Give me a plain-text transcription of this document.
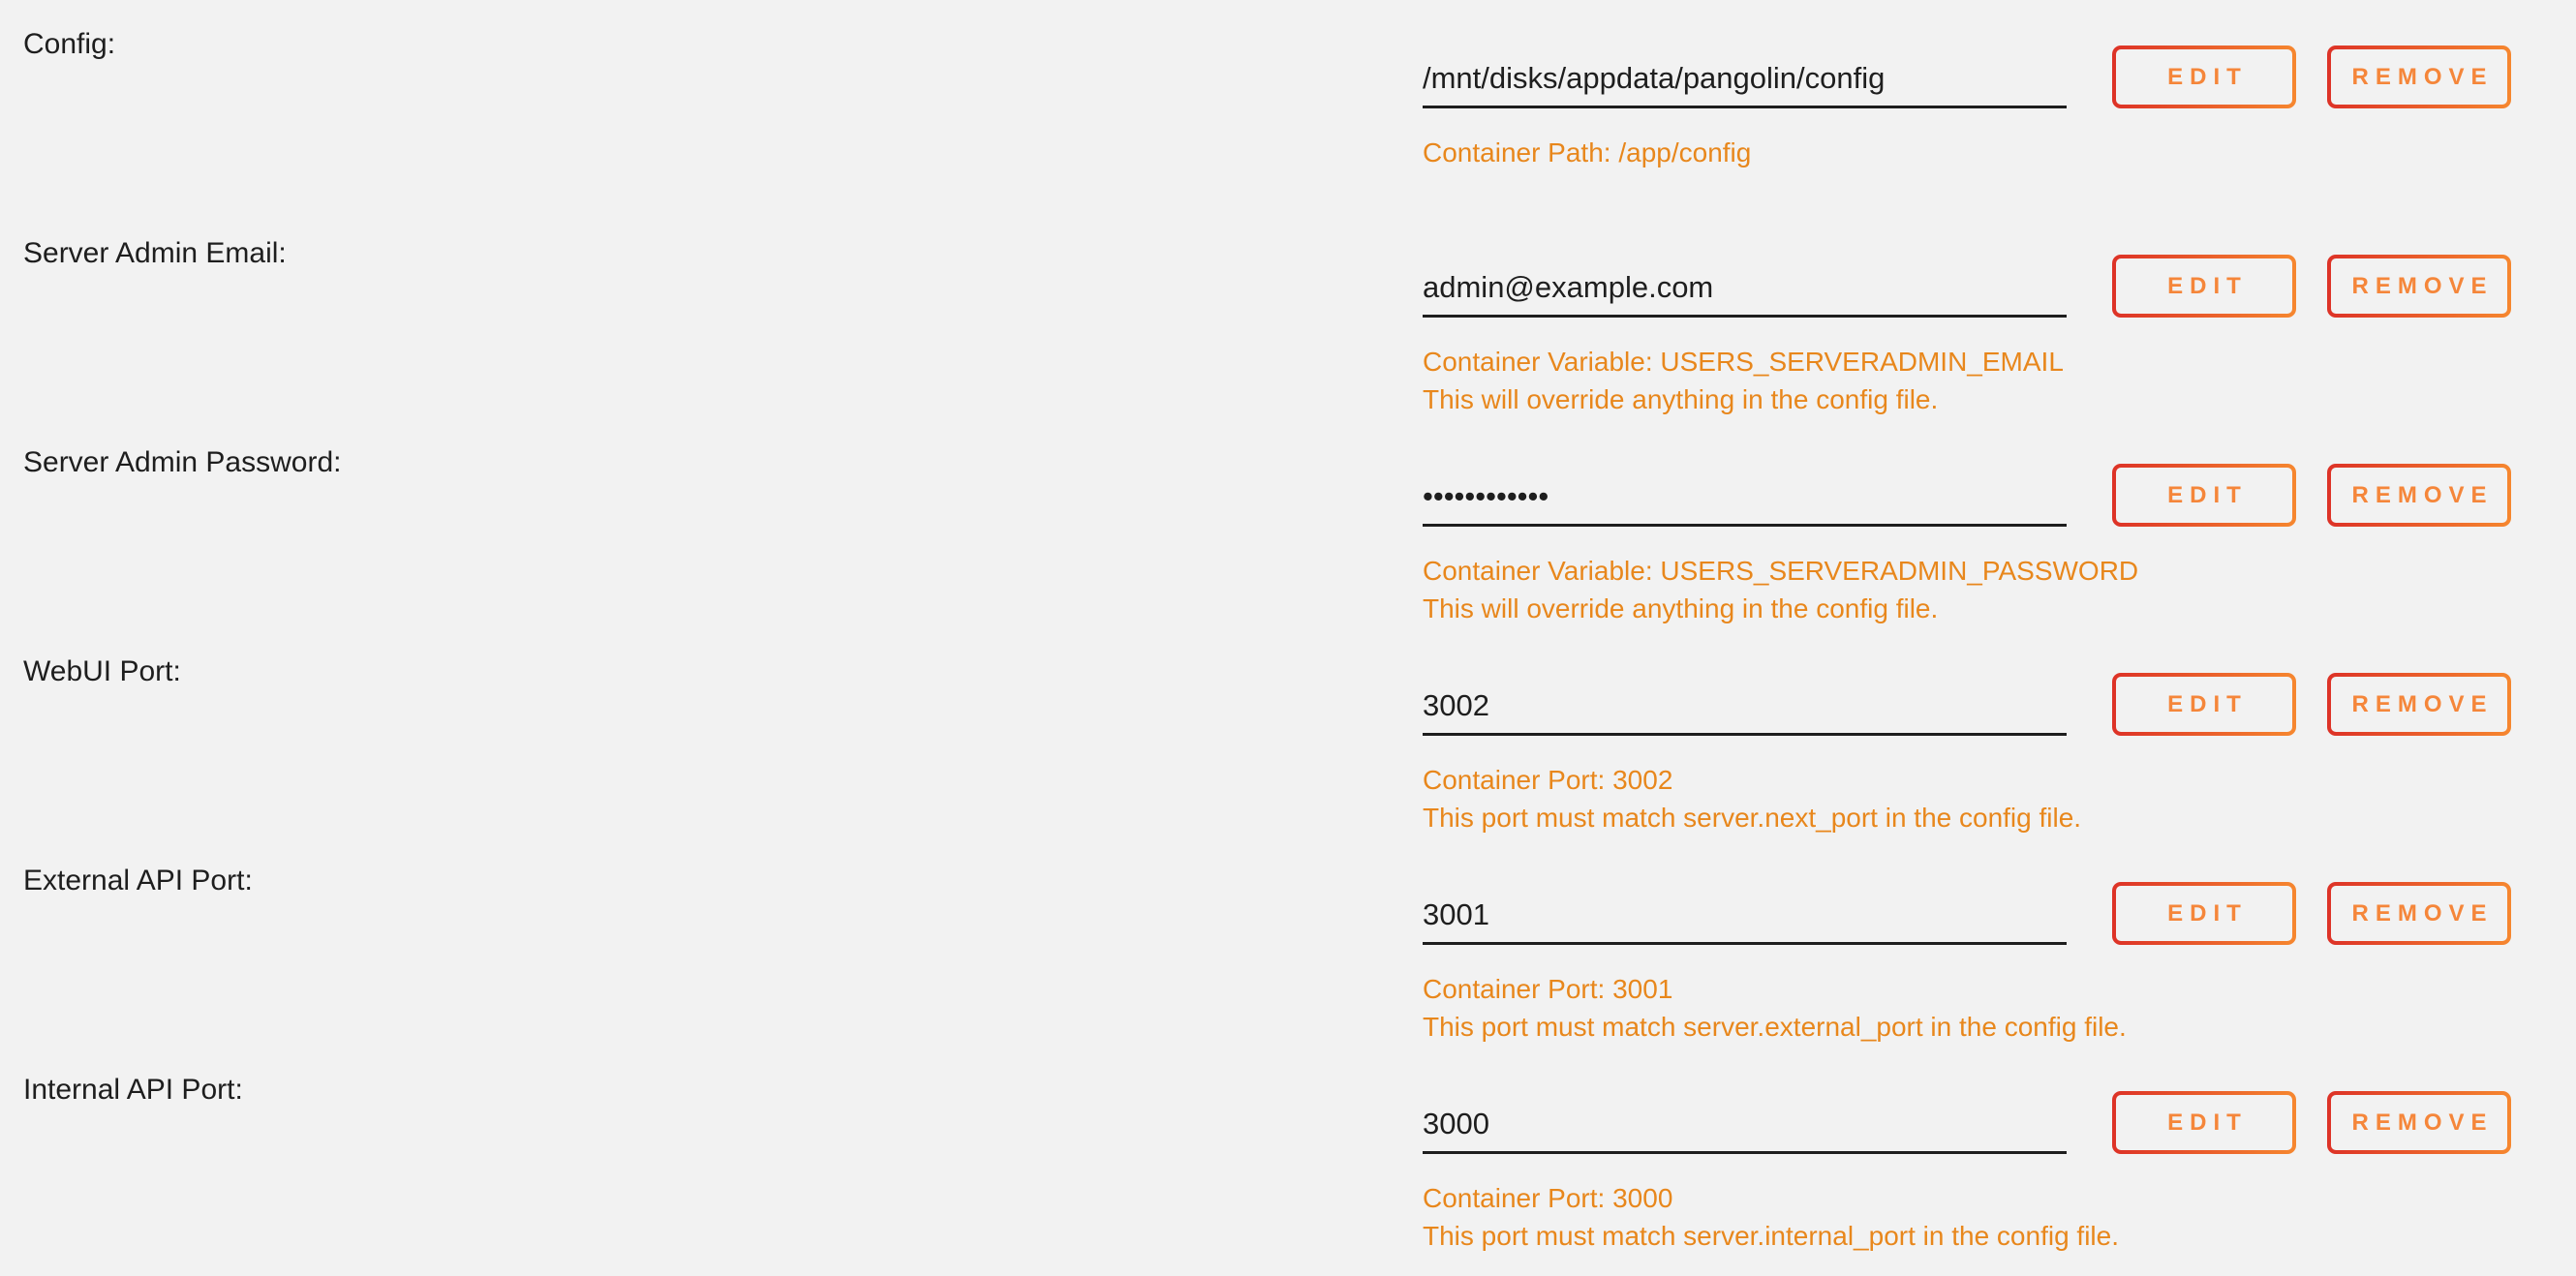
Config:
/mnt/disks/appdata/pangolin/config
EDIT	REMOVE
Container Path: /app/config
Server Admin Email:
admin@example.com
EDIT	REMOVE
Container Variable: USERS_SERVERADMIN_EMAIL
This will override anything in the config file.
Server Admin Password:
••••••••••••
EDIT	REMOVE
Container Variable: USERS_SERVERADMIN_PASSWORD
This will override anything in the config file.
WebUI Port:
3002
EDIT	REMOVE
Container Port: 3002
This port must match server.next_port in the config file.
External API Port:
3001
EDIT	REMOVE
Container Port: 3001
This port must match server.external_port in the config file.
Internal API Port:
3000
EDIT	REMOVE
Container Port: 3000
This port must match server.internal_port in the config file.
